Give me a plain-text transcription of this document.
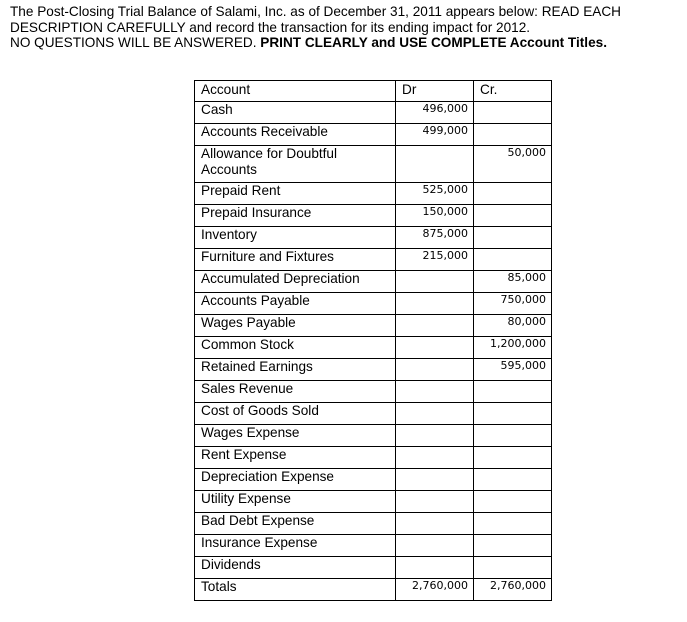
The Post-Closing Trial Balance of Salami, Inc. as of December 31, 2011 appears below: READ EACH
DESCRIPTION CAREFULLY and record the transaction for its ending impact for 2012.
NO QUESTIONS WILL BE ANSWERED. PRINT CLEARLY and USE COMPLETE Account Titles.
Account	Dr	Cr.
Cash	496,000	
Accounts Receivable	499,000	
Allowance for Doubtful Accounts		50,000
Prepaid Rent	525,000	
Prepaid Insurance	150,000	
Inventory	875,000	
Furniture and Fixtures	215,000	
Accumulated Depreciation		85,000
Accounts Payable		750,000
Wages Payable		80,000
Common Stock		1,200,000
Retained Earnings		595,000
Sales Revenue		
Cost of Goods Sold		
Wages Expense		
Rent Expense		
Depreciation Expense		
Utility Expense		
Bad Debt Expense		
Insurance Expense		
Dividends		
Totals	2,760,000	2,760,000
